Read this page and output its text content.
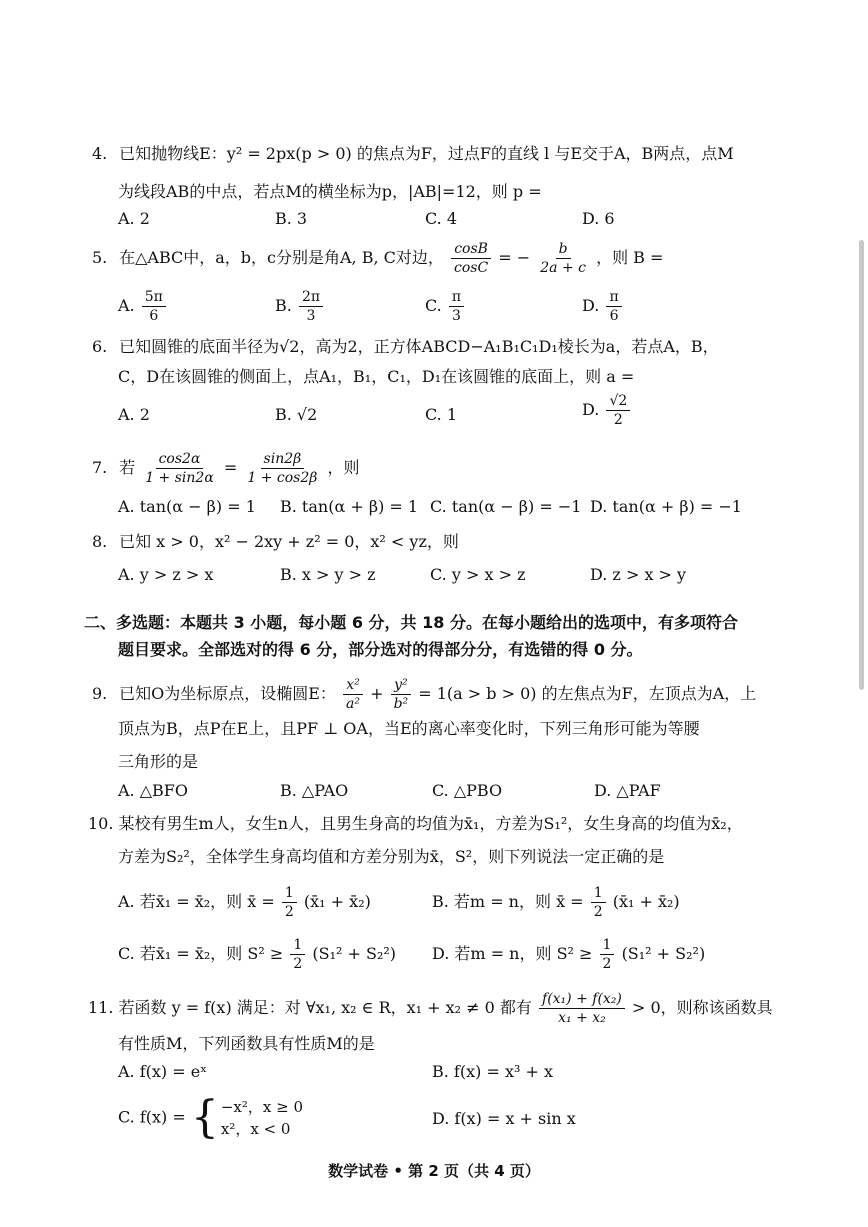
4. 已知抛物线E：y² = 2px(p > 0) 的焦点为F，过点F的直线 l 与E交于A，B两点，点M
为线段AB的中点，若点M的横坐标为p，|AB|=12，则 p =
A. 2	B. 3	C. 4	D. 6
5. 在△ABC中，a，b，c分别是角A, B, C对边， $\frac{\cos B}{\cos C}$ = − $\frac{b}{2a + c}$ ，则 B =
A. $\frac{5\pi}{6}$	B. $\frac{2\pi}{3}$	C. $\frac{\pi}{3}$	D. $\frac{\pi}{6}$
6. 已知圆锥的底面半径为√2，高为2，正方体ABCD−A₁B₁C₁D₁棱长为a，若点A，B，
C，D在该圆锥的侧面上，点A₁，B₁，C₁，D₁在该圆锥的底面上，则 a =
A. 2	B. √2	C. 1	D. $\frac{√2}{2}$
7. 若 $\frac{\cos 2\alpha}{1 + \sin 2\alpha} = \frac{\sin 2\beta}{1 + \cos 2\beta}$ ，则
A. tan(α − β) = 1 B. tan(α + β) = 1 C. tan(α − β) = −1 D. tan(α + β) = −1
8. 已知 x > 0，x² − 2xy + z² = 0，x² < yz，则
A. y > z > x	B. x > y > z	C. y > x > z	D. z > x > y
二、多选题：本题共 3 小题，每小题 6 分，共 18 分。在每小题给出的选项中，有多项符合
题目要求。全部选对的得 6 分，部分选对的得部分分，有选错的得 0 分。
9. 已知O为坐标原点，设椭圆E： $\frac{\text{x²}}{\text{a²}} + \frac{\text{y²}}{\text{b²}} = 1(a > b > 0)$ 的左焦点为F，左顶点为A，上
顶点为B，点P在E上，且PF ⊥ OA，当E的离心率变化时，下列三角形可能为等腰
三角形的是
A. △BFO	B. △PAO	C. △PBO	D. △PAF
10. 某校有男生m人，女生n人，且男生身高的均值为x̄₁，方差为S₁²，女生身高的均值为x̄₂，
方差为S₂²，全体学生身高均值和方差分别为x̄，S²，则下列说法一定正确的是
A. 若x̄₁ = x̄₂，则 x̄ = $\frac{1}{2}$ (x̄₁ + x̄₂)	B. 若m = n，则 x̄ = $\frac{1}{2}$ (x̄₁ + x̄₂)
C. 若x̄₁ = x̄₂，则 $S^2 \ge \frac{1}{2} (S_1^2 + S_2^2)$ D. 若m = n，则 $S^2 \ge \frac{1}{2} (S_1^2 + S_2^2)$
11. 若函数 y = f(x) 满足：对 ∀x₁, x₂ ∈ R，x₁ + x₂ ≠ 0 都有 $\frac{\text{f(x₁) + f(x₂)}}{\text{x₁ + x₂}} > 0$，则称该函数具
有性质M，下列函数具有性质M的是
A. f(x) = eˣ	B. f(x) = x³ + x
C. f(x) = { −x²，x ≥ 0
x²，x < 0
D. f(x) = x + sin x
数学试卷 • 第 2 页（共 4 页）
